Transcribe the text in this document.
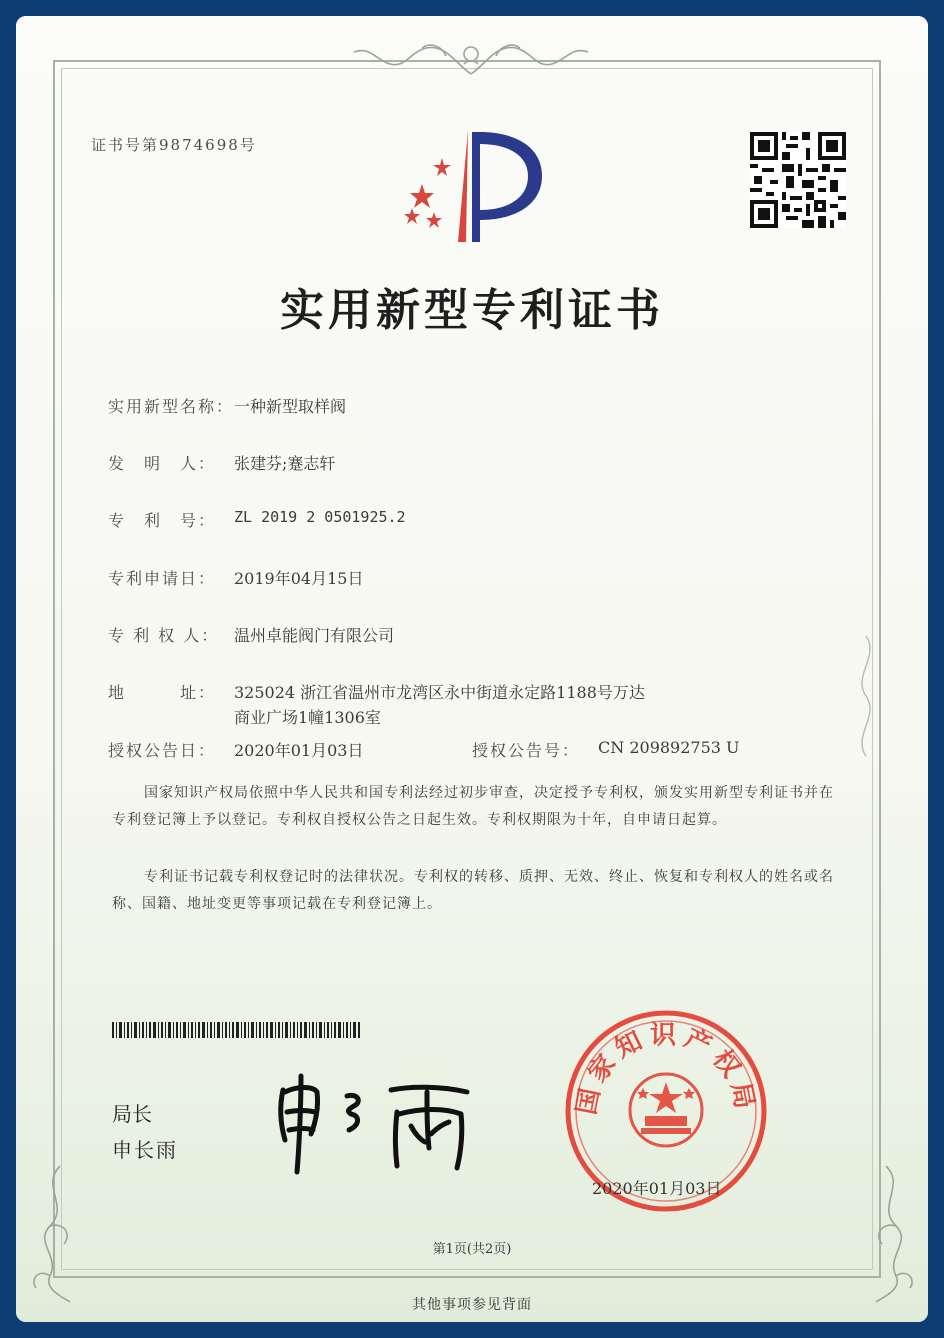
证书号第9874698号
实用新型专利证书
实用新型名称： 一种新型取样阀
发　明　人： 张建芬;蹇志轩
专　利　号： ZL 2019 2 0501925.2
专利申请日： 2019年04月15日
专 利 权 人： 温州卓能阀门有限公司
地　　　址： 325024 浙江省温州市龙湾区永中街道永定路1188号万达
商业广场1幢1306室
授权公告日： 2020年01月03日	授权公告号： CN 209892753 U
国家知识产权局依照中华人民共和国专利法经过初步审查，决定授予专利权，颁发实用新型专利证书并在专利登记簿上予以登记。专利权自授权公告之日起生效。专利权期限为十年，自申请日起算。
专利证书记载专利权登记时的法律状况。专利权的转移、质押、无效、终止、恢复和专利权人的姓名或名称、国籍、地址变更等事项记载在专利登记簿上。
局长
申长雨
国家知识产权局
2020年01月03日
第1页(共2页)
其他事项参见背面
